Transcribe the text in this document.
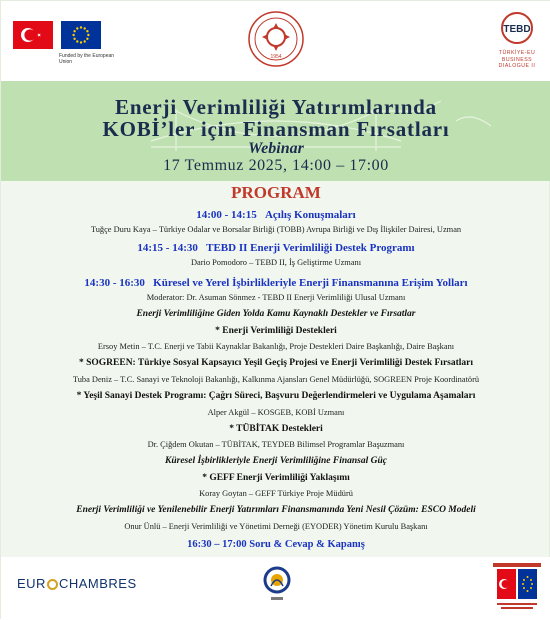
Funded by the European Union
1954
TEBD
TÜRKİYE-EU
BUSINESS
DIALOGUE II
Enerji Verimliliği Yatırımlarında
KOBİ’ler için Finansman Fırsatları
Webinar
17 Temmuz 2025, 14:00 – 17:00
PROGRAM
14:00 - 14:15 Açılış Konuşmaları
Tuğçe Duru Kaya – Türkiye Odalar ve Borsalar Birliği (TOBB) Avrupa Birliği ve Dış İlişkiler Dairesi, Uzman
14:15 - 14:30 TEBD II Enerji Verimliliği Destek Programı
Dario Pomodoro – TEBD II, İş Geliştirme Uzmanı
14:30 - 16:30 Küresel ve Yerel İşbirlikleriyle Enerji Finansmanına Erişim Yolları
Moderator: Dr. Asuman Sönmez - TEBD II Enerji Verimliliği Ulusal Uzmanı
Enerji Verimliliğine Giden Yolda Kamu Kaynaklı Destekler ve Fırsatlar
* Enerji Verimliliği Destekleri
Ersoy Metin – T.C. Enerji ve Tabii Kaynaklar Bakanlığı, Proje Destekleri Daire Başkanlığı, Daire Başkanı
* SOGREEN: Türkiye Sosyal Kapsayıcı Yeşil Geçiş Projesi ve Enerji Verimliliği Destek Fırsatları
Tuba Deniz – T.C. Sanayi ve Teknoloji Bakanlığı, Kalkınma Ajansları Genel Müdürlüğü, SOGREEN Proje Koordinatörü
* Yeşil Sanayi Destek Programı: Çağrı Süreci, Başvuru Değerlendirmeleri ve Uygulama Aşamaları
Alper Akgül – KOSGEB, KOBİ Uzmanı
* TÜBİTAK Destekleri
Dr. Çiğdem Okutan – TÜBİTAK, TEYDEB Bilimsel Programlar Başuzmanı
Küresel İşbirlikleriyle Enerji Verimliliğine Finansal Güç
* GEFF Enerji Verimliliği Yaklaşımı
Koray Goytan – GEFF Türkiye Proje Müdürü
Enerji Verimliliği ve Yenilenebilir Enerji Yatırımları Finansmanında Yeni Nesil Çözüm: ESCO Modeli
Onur Ünlü – Enerji Verimliliği ve Yönetimi Derneği (EYODER) Yönetim Kurulu Başkanı
16:30 – 17:00 Soru & Cevap & Kapanış
EUR CHAMBRES
